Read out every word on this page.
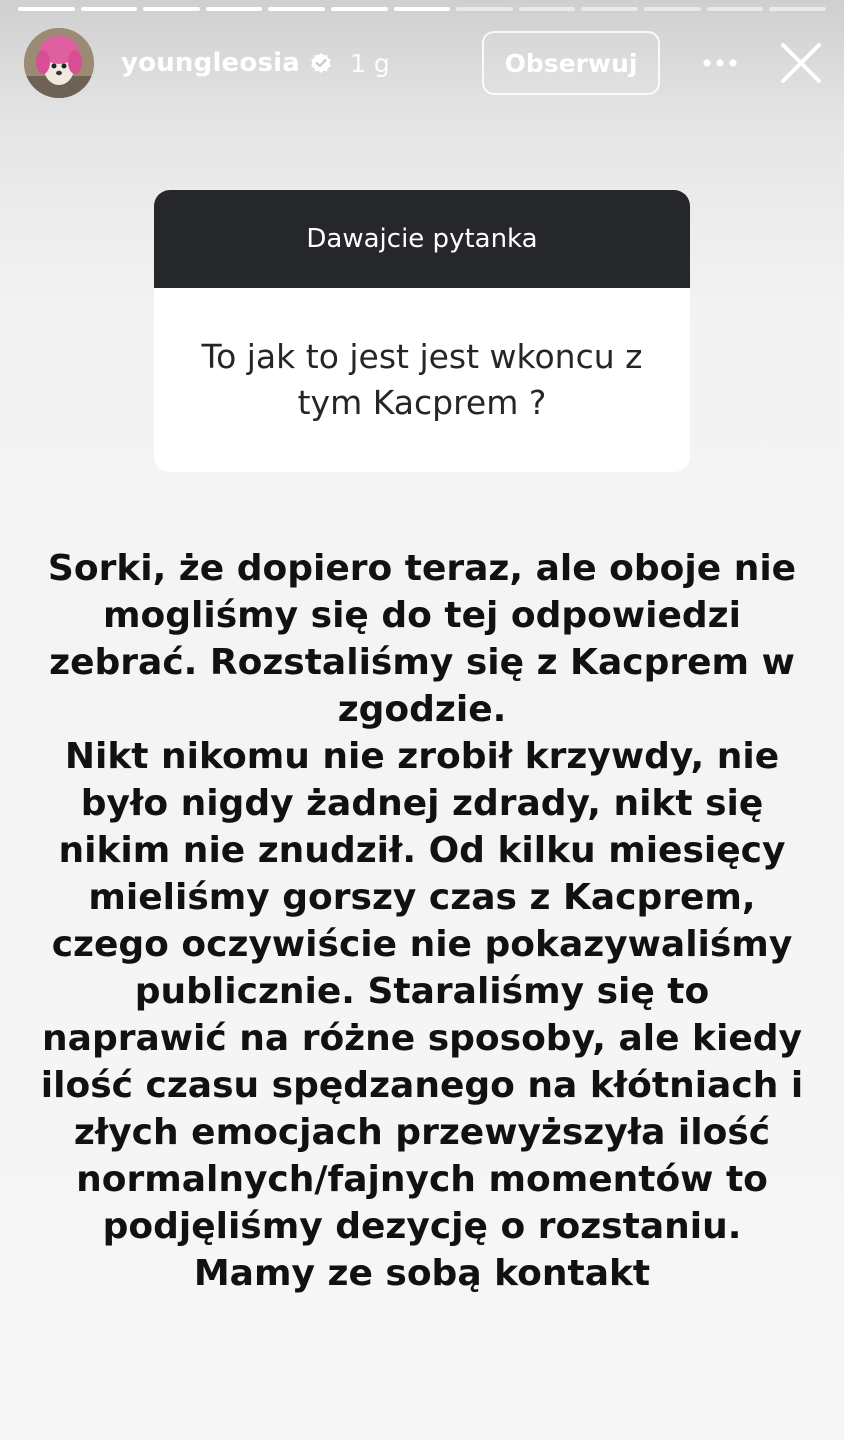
youngleosia 1 g	Obserwuj
Dawajcie pytanka
To jak to jest jest wkoncu z tym Kacprem ?
Sorki, że dopiero teraz, ale oboje nie
mogliśmy się do tej odpowiedzi
zebrać. Rozstaliśmy się z Kacprem w
zgodzie.
Nikt nikomu nie zrobił krzywdy, nie
było nigdy żadnej zdrady, nikt się
nikim nie znudził. Od kilku miesięcy
mieliśmy gorszy czas z Kacprem,
czego oczywiście nie pokazywaliśmy
publicznie. Staraliśmy się to
naprawić na różne sposoby, ale kiedy
ilość czasu spędzanego na kłótniach i
złych emocjach przewyższyła ilość
normalnych/fajnych momentów to
podjęliśmy dezycję o rozstaniu.
Mamy ze sobą kontakt
